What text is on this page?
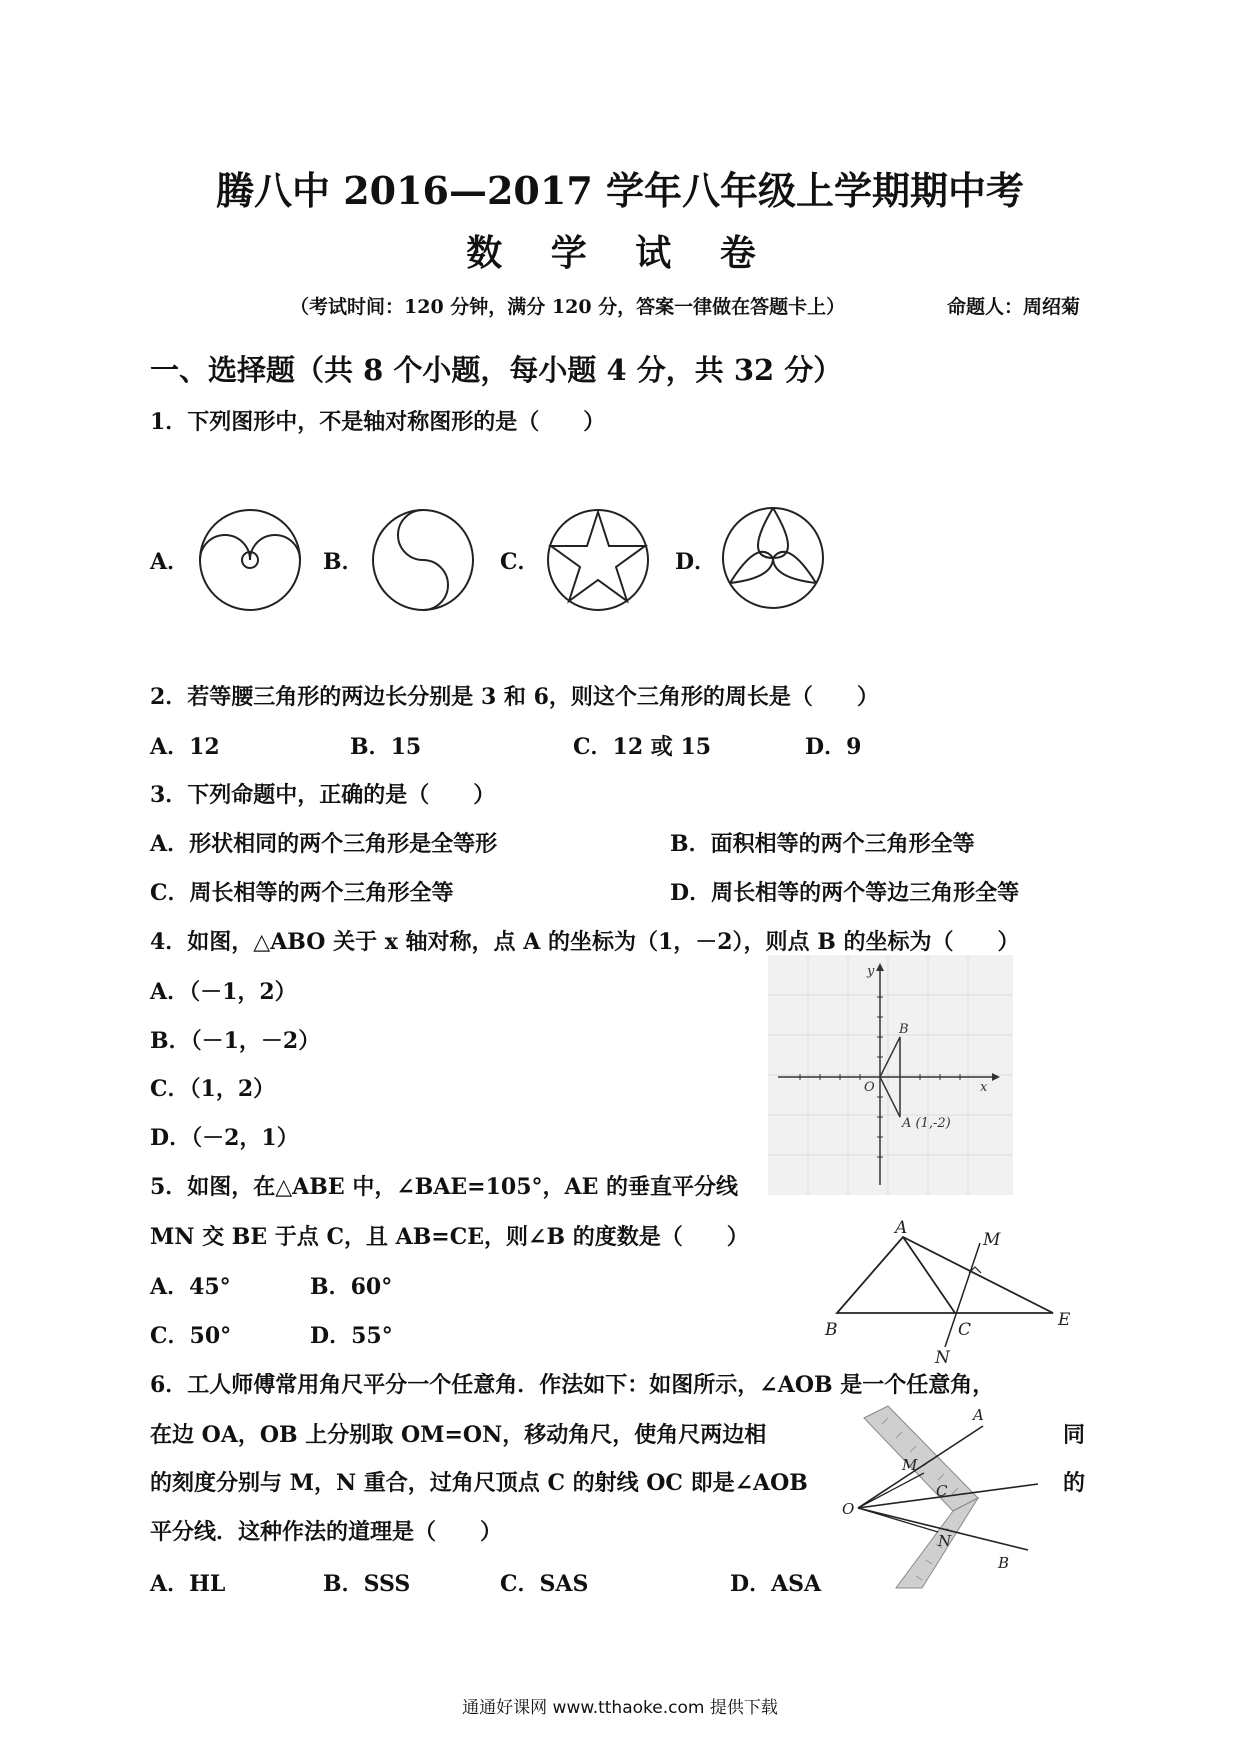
腾八中 2016—2017 学年八年级上学期期中考
数 学 试 卷
（考试时间：120 分钟，满分 120 分，答案一律做在答题卡上）	命题人：周绍菊
一、选择题（共 8 个小题，每小题 4 分，共 32 分）
1．下列图形中，不是轴对称图形的是（　　）
A．	B．	C．	D．
2．若等腰三角形的两边长分别是 3 和 6，则这个三角形的周长是（　　）
A．12	B．15	C．12 或 15	D．9
3．下列命题中，正确的是（　　）
A．形状相同的两个三角形是全等形	B．面积相等的两个三角形全等
C．周长相等的两个三角形全等	D．周长相等的两个等边三角形全等
4．如图，△ABO 关于 x 轴对称，点 A 的坐标为（1，－2），则点 B 的坐标为（　　）
A．（－1，2）
B．（－1，－2）
C．（1，2）
D．（－2，1）
y
x
O
B
A (1,-2)
5．如图，在△ABE 中，∠BAE=105°，AE 的垂直平分线
MN 交 BE 于点 C，且 AB=CE，则∠B 的度数是（　　）
A．45°	B．60°
C．50°	D．55°
A
B	C	E
M
N
6．工人师傅常用角尺平分一个任意角．作法如下：如图所示，∠AOB 是一个任意角，
在边 OA，OB 上分别取 OM=ON，移动角尺，使角尺两边相	同
的刻度分别与 M，N 重合，过角尺顶点 C 的射线 OC 即是∠AOB	的
平分线．这种作法的道理是（　　）
A．HL	B．SSS	C．SAS	D．ASA
A
M
C
O
N
B
通通好课网 www.tthaoke.com 提供下载
